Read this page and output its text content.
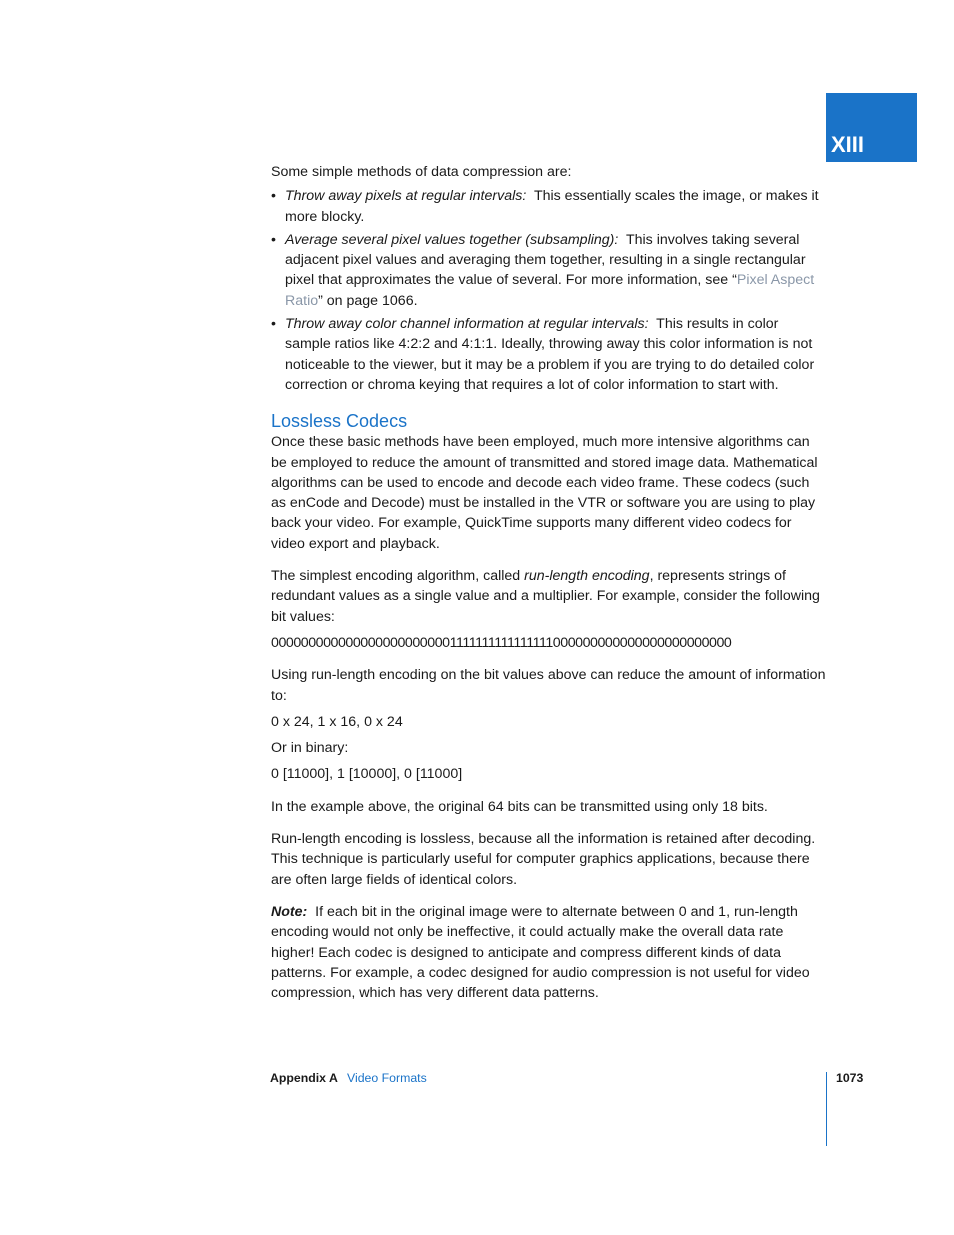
XIII

Some simple methods of data compression are:

• Throw away pixels at regular intervals: This essentially scales the image, or makes it more blocky.
• Average several pixel values together (subsampling): This involves taking several adjacent pixel values and averaging them together, resulting in a single rectangular pixel that approximates the value of several. For more information, see “Pixel Aspect Ratio” on page 1066.
• Throw away color channel information at regular intervals: This results in color sample ratios like 4:2:2 and 4:1:1. Ideally, throwing away this color information is not noticeable to the viewer, but it may be a problem if you are trying to do detailed color correction or chroma keying that requires a lot of color information to start with.
Lossless Codecs

Once these basic methods have been employed, much more intensive algorithms can be employed to reduce the amount of transmitted and stored image data. Mathematical algorithms can be used to encode and decode each video frame. These codecs (such as enCode and Decode) must be installed in the VTR or software you are using to play back your video. For example, QuickTime supports many different video codecs for video export and playback.

The simplest encoding algorithm, called run-length encoding, represents strings of redundant values as a single value and a multiplier. For example, consider the following bit values:

0000000000000000000000001111111111111111000000000000000000000000

Using run-length encoding on the bit values above can reduce the amount of information to:

0 x 24, 1 x 16, 0 x 24

Or in binary:

0 [11000], 1 [10000], 0 [11000]

In the example above, the original 64 bits can be transmitted using only 18 bits.

Run-length encoding is lossless, because all the information is retained after decoding. This technique is particularly useful for computer graphics applications, because there are often large fields of identical colors.

Note: If each bit in the original image were to alternate between 0 and 1, run-length encoding would not only be ineffective, it could actually make the overall data rate higher! Each codec is designed to anticipate and compress different kinds of data patterns. For example, a codec designed for audio compression is not useful for video compression, which has very different data patterns.

Appendix A Video Formats	1073
